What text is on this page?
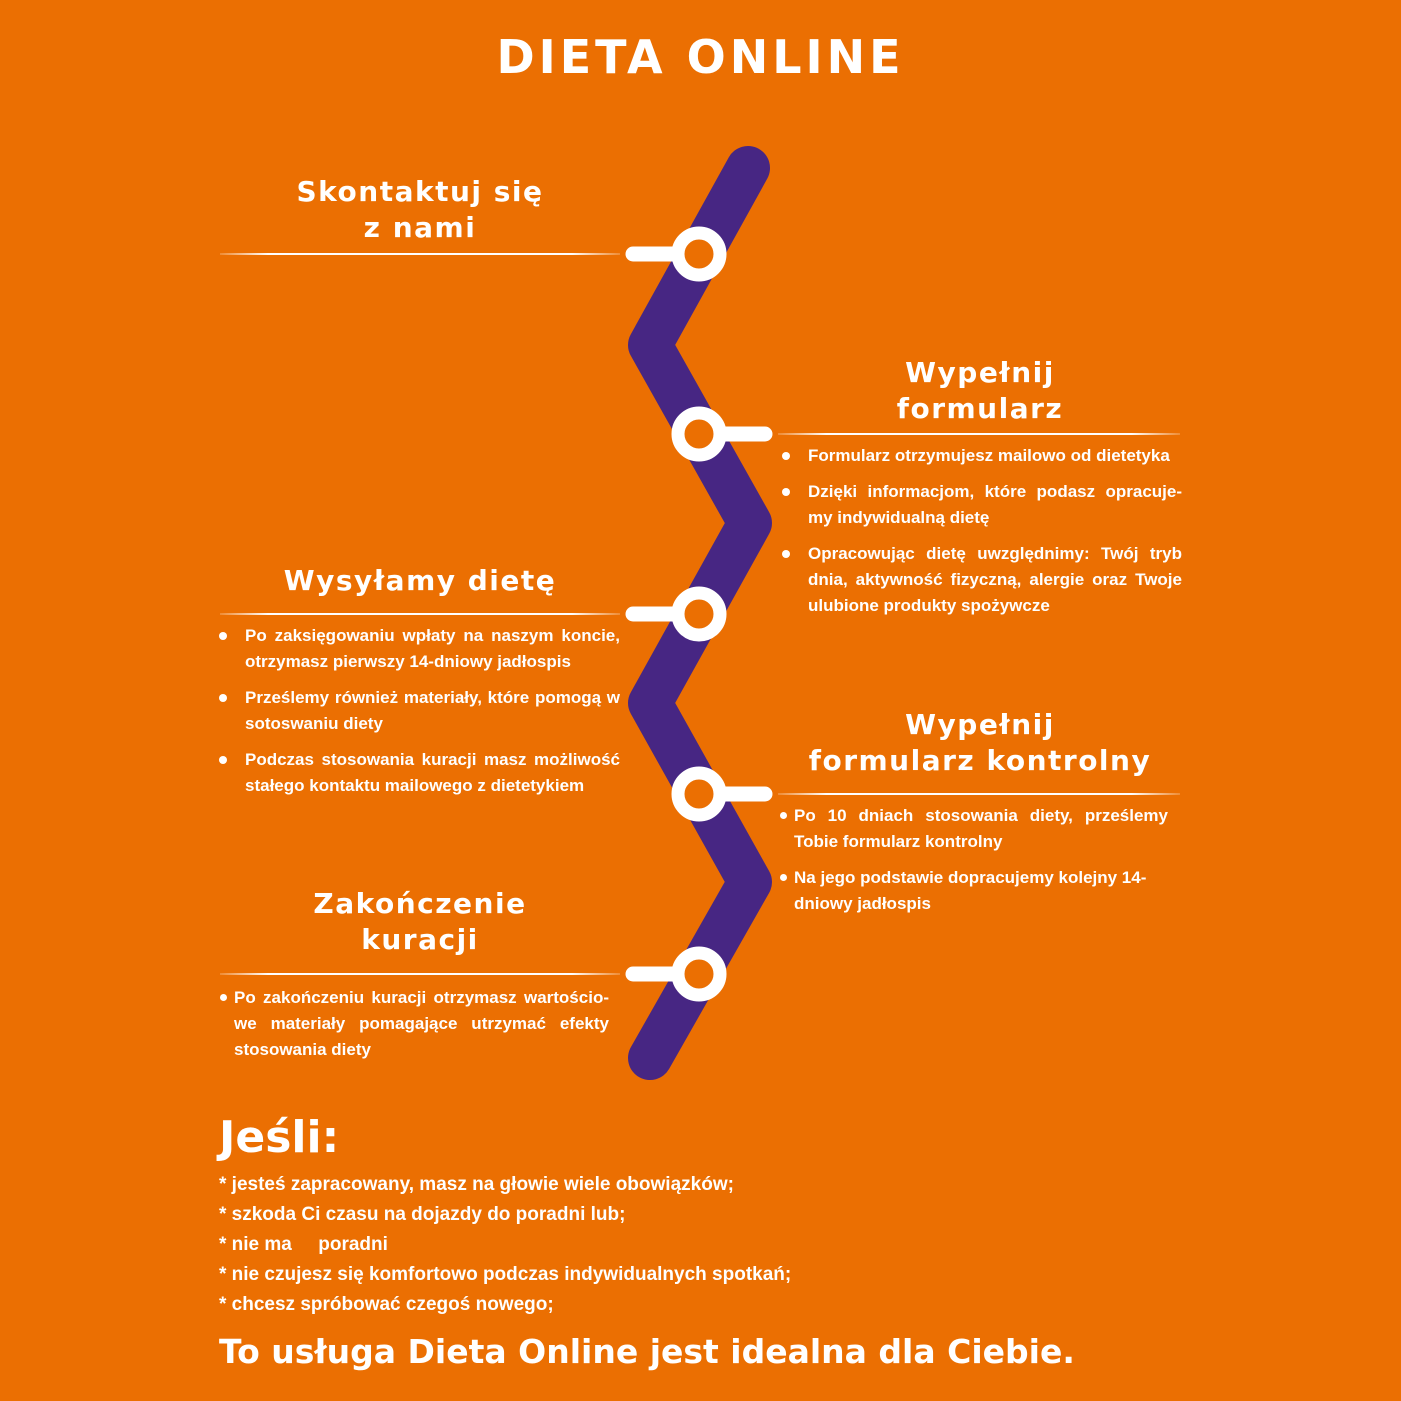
DIETA ONLINE
Skontaktuj się
z nami
Wypełnij
formularz
Formularz otrzymujesz mailowo od dietetyka
Dzięki informacjom, które podasz opracuje-my indywidualną dietę
Opracowując dietę uwzględnimy: Twój tryb dnia, aktywność fizyczną, alergie oraz Twoje ulubione produkty spożywcze
Wysyłamy dietę
Po zaksięgowaniu wpłaty na naszym koncie, otrzymasz pierwszy 14-dniowy jadłospis
Prześlemy również materiały, które pomogą w sotoswaniu diety
Podczas stosowania kuracji masz możliwość stałego kontaktu mailowego z dietetykiem
Wypełnij
formularz kontrolny
Po 10 dniach stosowania diety, prześlemy Tobie formularz kontrolny
Na jego podstawie dopracujemy kolejny 14-dniowy jadłospis
Zakończenie
kuracji
Po zakończeniu kuracji otrzymasz wartościo-we materiały pomagające utrzymać efekty stosowania diety
Jeśli:
* jesteś zapracowany, masz na głowie wiele obowiązków;
* szkoda Ci czasu na dojazdy do poradni lub;
* nie ma     poradni
* nie czujesz się komfortowo podczas indywidualnych spotkań;
* chcesz spróbować czegoś nowego;
To usługa Dieta Online jest idealna dla Ciebie.
